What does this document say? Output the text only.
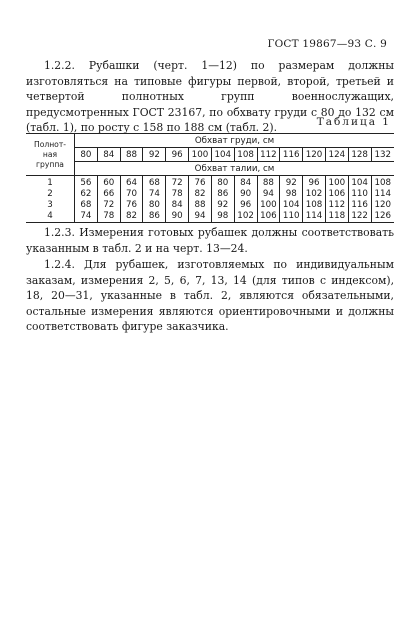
ГОСТ 19867—93 С. 9

1.2.2. Рубашки (черт. 1—12) по размерам должны изготовляться на типовые фигуры первой, второй, третьей и четвертой полнотных групп военнослужащих, предусмотренных ГОСТ 23167, по обхвату груди с 80 до 132 см (табл. 1), по росту с 158 по 188 см (табл. 2).	Таблица 1
Полнот-
ная
группа	Обхват груди, см													
	80	84	88	92	96	100	104	108	112	116	120	124	128	132
	Обхват талии, см													
1	56	60	64	68	72	76	80	84	88	92	96	100	104	108
2	62	66	70	74	78	82	86	90	94	98	102	106	110	114
3	68	72	76	80	84	88	92	96	100	104	108	112	116	120
4	74	78	82	86	90	94	98	102	106	110	114	118	122	126

1.2.3. Измерения готовых рубашек должны соответствовать указанным в табл. 2 и на черт. 13—24.

1.2.4. Для рубашек, изготовляемых по индивидуальным заказам, измерения 2, 5, 6, 7, 13, 14 (для типов с индексом), 18, 20—31, указанные в табл. 2, являются обязательными, остальные измерения являются ориентировочными и должны соответствовать фигуре заказчика.
